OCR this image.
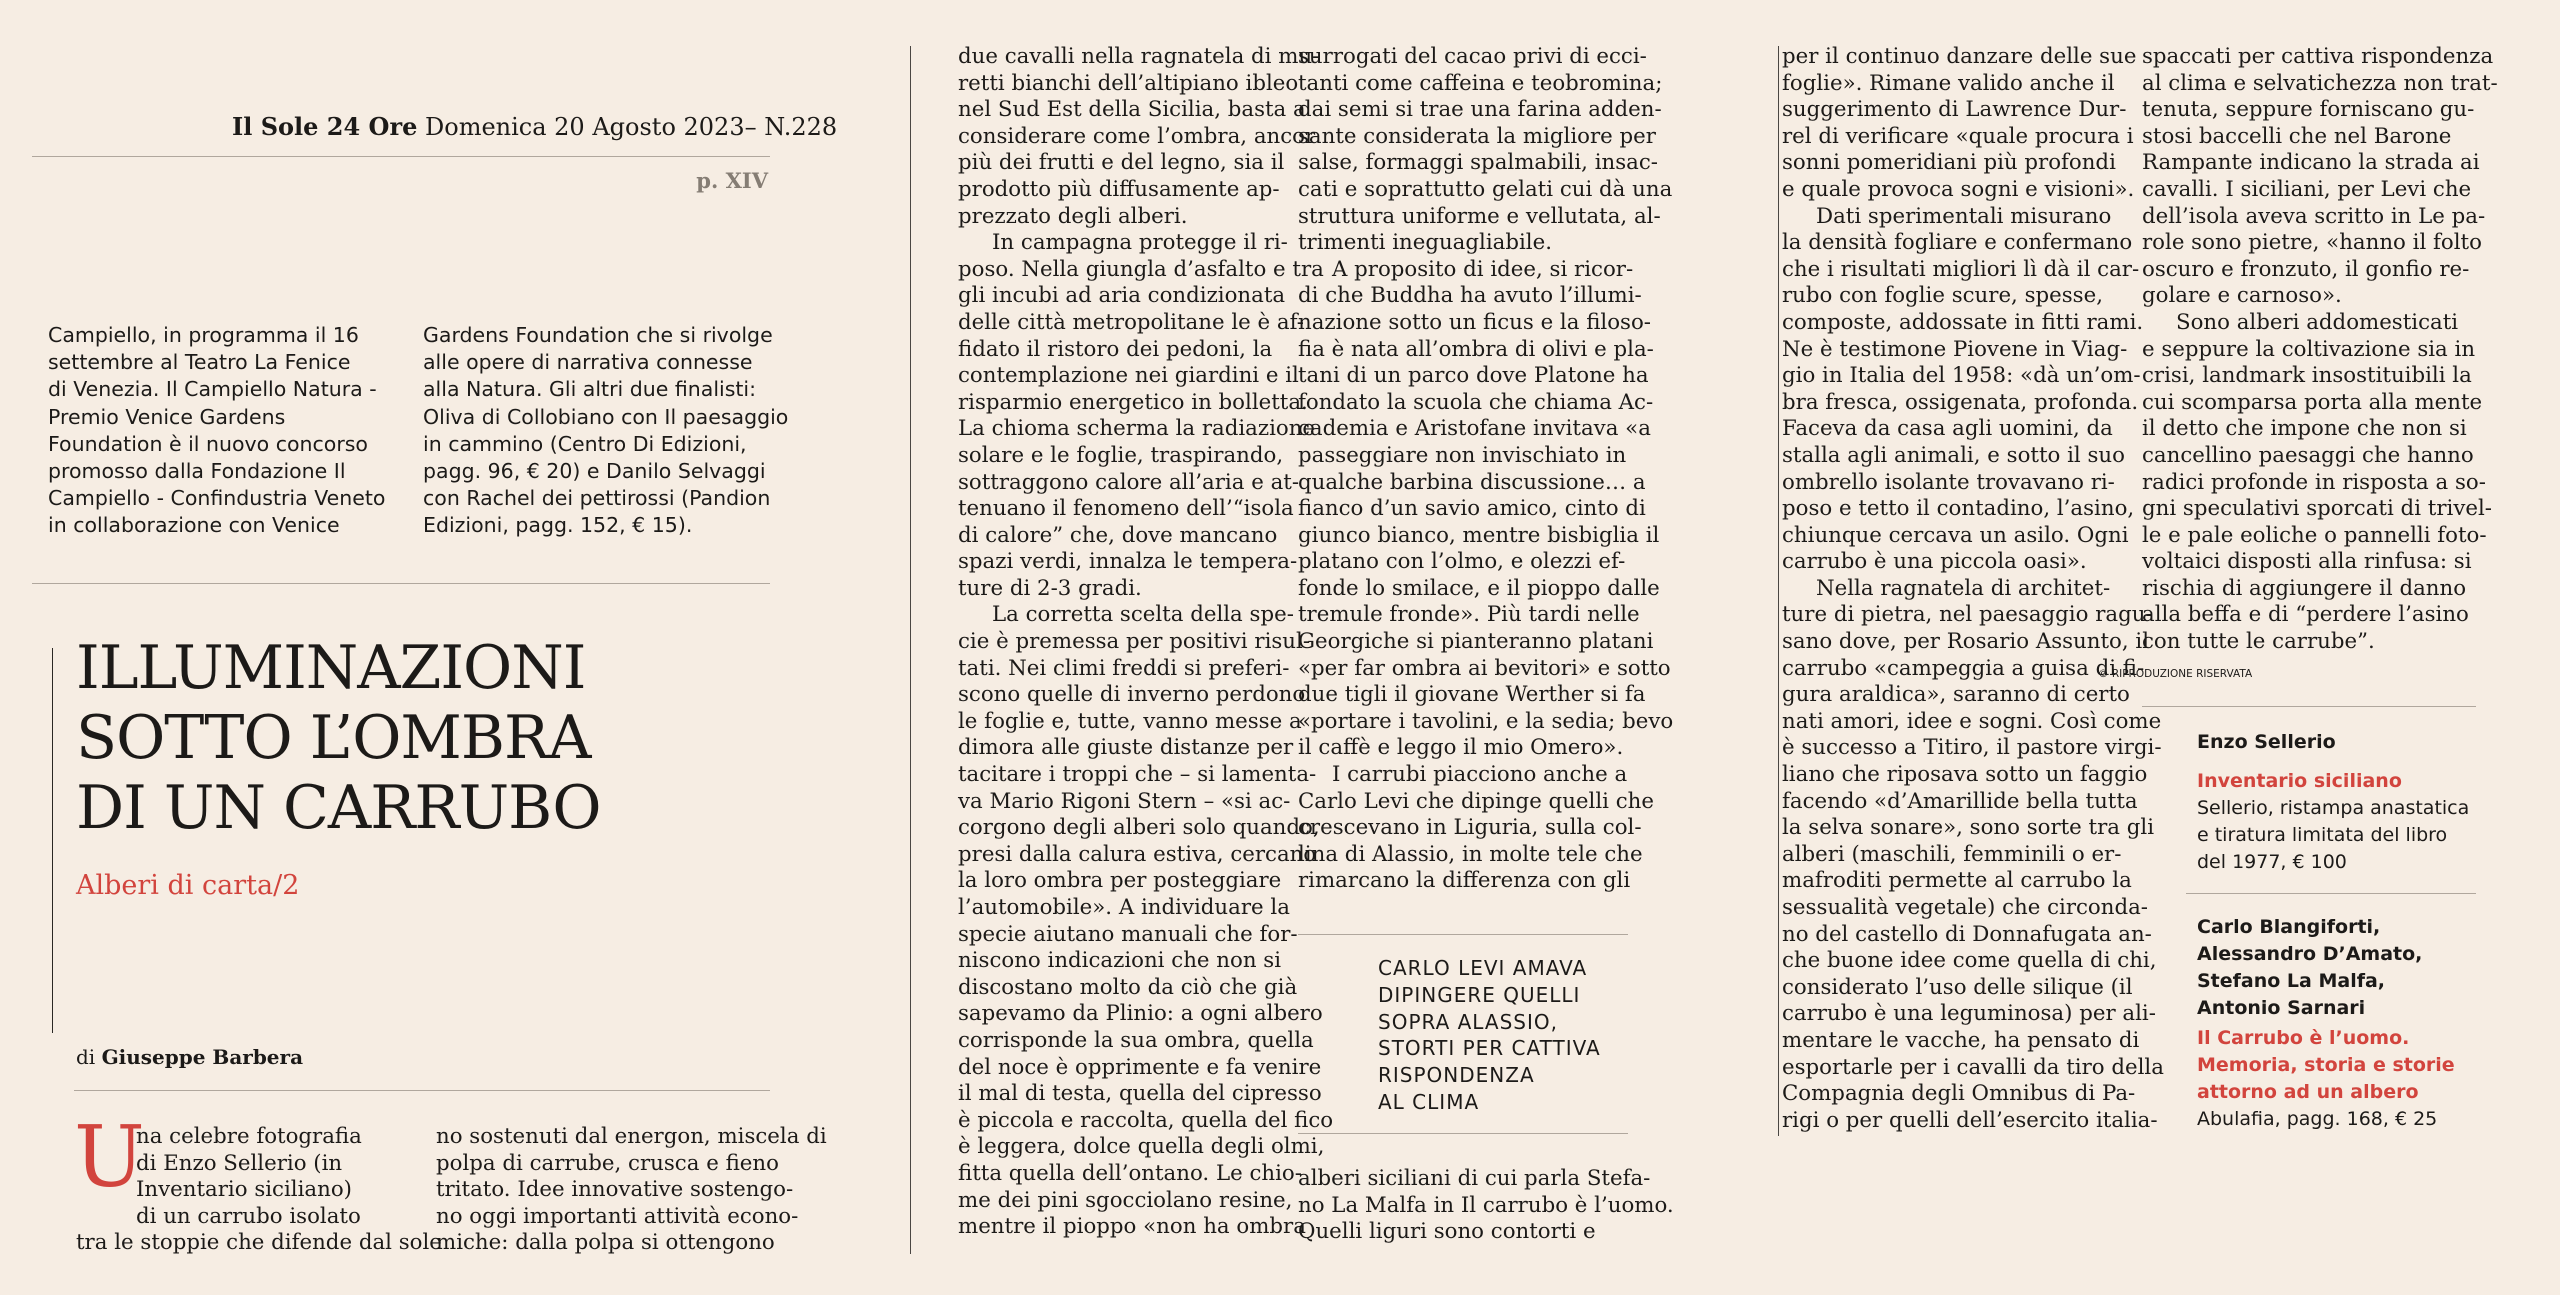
Il Sole 24 Ore Domenica 20 Agosto 2023– N.228
p. XIV
Campiello, in programma il 16
settembre al Teatro La Fenice
di Venezia. Il Campiello Natura -
Premio Venice Gardens
Foundation è il nuovo concorso
promosso dalla Fondazione Il
Campiello - Confindustria Veneto
in collaborazione con Venice
Gardens Foundation che si rivolge
alle opere di narrativa connesse
alla Natura. Gli altri due finalisti:
Oliva di Collobiano con Il paesaggio
in cammino (Centro Di Edizioni,
pagg. 96, € 20) e Danilo Selvaggi
con Rachel dei pettirossi (Pandion
Edizioni, pagg. 152, € 15).
ILLUMINAZIONI
SOTTO L’OMBRA
DI UN CARRUBO
Alberi di carta/2
di Giuseppe Barbera
U
na celebre fotografia
di Enzo Sellerio (in
Inventario siciliano)
di un carrubo isolato
tra le stoppie che difende dal sole
no sostenuti dal energon, miscela di
polpa di carrube, crusca e fieno
tritato. Idee innovative sostengo-
no oggi importanti attività econo-
miche: dalla polpa si ottengono
due cavalli nella ragnatela di mu-
retti bianchi dell’altipiano ibleo
nel Sud Est della Sicilia, basta a
considerare come l’ombra, ancor
più dei frutti e del legno, sia il
prodotto più diffusamente ap-
prezzato degli alberi.
In campagna protegge il ri-
poso. Nella giungla d’asfalto e tra
gli incubi ad aria condizionata
delle città metropolitane le è af-
fidato il ristoro dei pedoni, la
contemplazione nei giardini e il
risparmio energetico in bolletta.
La chioma scherma la radiazione
solare e le foglie, traspirando,
sottraggono calore all’aria e at-
tenuano il fenomeno dell’“isola
di calore” che, dove mancano
spazi verdi, innalza le tempera-
ture di 2-3 gradi.
La corretta scelta della spe-
cie è premessa per positivi risul-
tati. Nei climi freddi si preferi-
scono quelle di inverno perdono
le foglie e, tutte, vanno messe a
dimora alle giuste distanze per
tacitare i troppi che – si lamenta-
va Mario Rigoni Stern – «si ac-
corgono degli alberi solo quando,
presi dalla calura estiva, cercano
la loro ombra per posteggiare
l’automobile». A individuare la
specie aiutano manuali che for-
niscono indicazioni che non si
discostano molto da ciò che già
sapevamo da Plinio: a ogni albero
corrisponde la sua ombra, quella
del noce è opprimente e fa venire
il mal di testa, quella del cipresso
è piccola e raccolta, quella del fico
è leggera, dolce quella degli olmi,
fitta quella dell’ontano. Le chio-
me dei pini sgocciolano resine,
mentre il pioppo «non ha ombra
surrogati del cacao privi di ecci-
tanti come caffeina e teobromina;
dai semi si trae una farina adden-
sante considerata la migliore per
salse, formaggi spalmabili, insac-
cati e soprattutto gelati cui dà una
struttura uniforme e vellutata, al-
trimenti ineguagliabile.
A proposito di idee, si ricor-
di che Buddha ha avuto l’illumi-
nazione sotto un ficus e la filoso-
fia è nata all’ombra di olivi e pla-
tani di un parco dove Platone ha
fondato la scuola che chiama Ac-
cademia e Aristofane invitava «a
passeggiare non invischiato in
qualche barbina discussione… a
fianco d’un savio amico, cinto di
giunco bianco, mentre bisbiglia il
platano con l’olmo, e olezzi ef-
fonde lo smilace, e il pioppo dalle
tremule fronde». Più tardi nelle
Georgiche si pianteranno platani
«per far ombra ai bevitori» e sotto
due tigli il giovane Werther si fa
«portare i tavolini, e la sedia; bevo
il caffè e leggo il mio Omero».
I carrubi piacciono anche a
Carlo Levi che dipinge quelli che
crescevano in Liguria, sulla col-
lina di Alassio, in molte tele che
rimarcano la differenza con gli
CARLO LEVI AMAVA
DIPINGERE QUELLI
SOPRA ALASSIO,
STORTI PER CATTIVA
RISPONDENZA
AL CLIMA
alberi siciliani di cui parla Stefa-
no La Malfa in Il carrubo è l’uomo.
Quelli liguri sono contorti e
per il continuo danzare delle sue
foglie». Rimane valido anche il
suggerimento di Lawrence Dur-
rel di verificare «quale procura i
sonni pomeridiani più profondi
e quale provoca sogni e visioni».
Dati sperimentali misurano
la densità fogliare e confermano
che i risultati migliori lì dà il car-
rubo con foglie scure, spesse,
composte, addossate in fitti rami.
Ne è testimone Piovene in Viag-
gio in Italia del 1958: «dà un’om-
bra fresca, ossigenata, profonda.
Faceva da casa agli uomini, da
stalla agli animali, e sotto il suo
ombrello isolante trovavano ri-
poso e tetto il contadino, l’asino,
chiunque cercava un asilo. Ogni
carrubo è una piccola oasi».
Nella ragnatela di architet-
ture di pietra, nel paesaggio ragu-
sano dove, per Rosario Assunto, il
carrubo «campeggia a guisa di fi-
gura araldica», saranno di certo
nati amori, idee e sogni. Così come
è successo a Titiro, il pastore virgi-
liano che riposava sotto un faggio
facendo «d’Amarillide bella tutta
la selva sonare», sono sorte tra gli
alberi (maschili, femminili o er-
mafroditi permette al carrubo la
sessualità vegetale) che circonda-
no del castello di Donnafugata an-
che buone idee come quella di chi,
considerato l’uso delle silique (il
carrubo è una leguminosa) per ali-
mentare le vacche, ha pensato di
esportarle per i cavalli da tiro della
Compagnia degli Omnibus di Pa-
rigi o per quelli dell’esercito italia-
spaccati per cattiva rispondenza
al clima e selvatichezza non trat-
tenuta, seppure forniscano gu-
stosi baccelli che nel Barone
Rampante indicano la strada ai
cavalli. I siciliani, per Levi che
dell’isola aveva scritto in Le pa-
role sono pietre, «hanno il folto
oscuro e fronzuto, il gonfio re-
golare e carnoso».
Sono alberi addomesticati
e seppure la coltivazione sia in
crisi, landmark insostituibili la
cui scomparsa porta alla mente
il detto che impone che non si
cancellino paesaggi che hanno
radici profonde in risposta a so-
gni speculativi sporcati di trivel-
le e pale eoliche o pannelli foto-
voltaici disposti alla rinfusa: si
rischia di aggiungere il danno
alla beffa e di “perdere l’asino
con tutte le carrube”.
© RIPRODUZIONE RISERVATA
Enzo Sellerio
Inventario siciliano
Sellerio, ristampa anastatica
e tiratura limitata del libro
del 1977, € 100
Carlo Blangiforti,
Alessandro D’Amato,
Stefano La Malfa,
Antonio Sarnari
Il Carrubo è l’uomo.
Memoria, storia e storie
attorno ad un albero
Abulafia, pagg. 168, € 25
